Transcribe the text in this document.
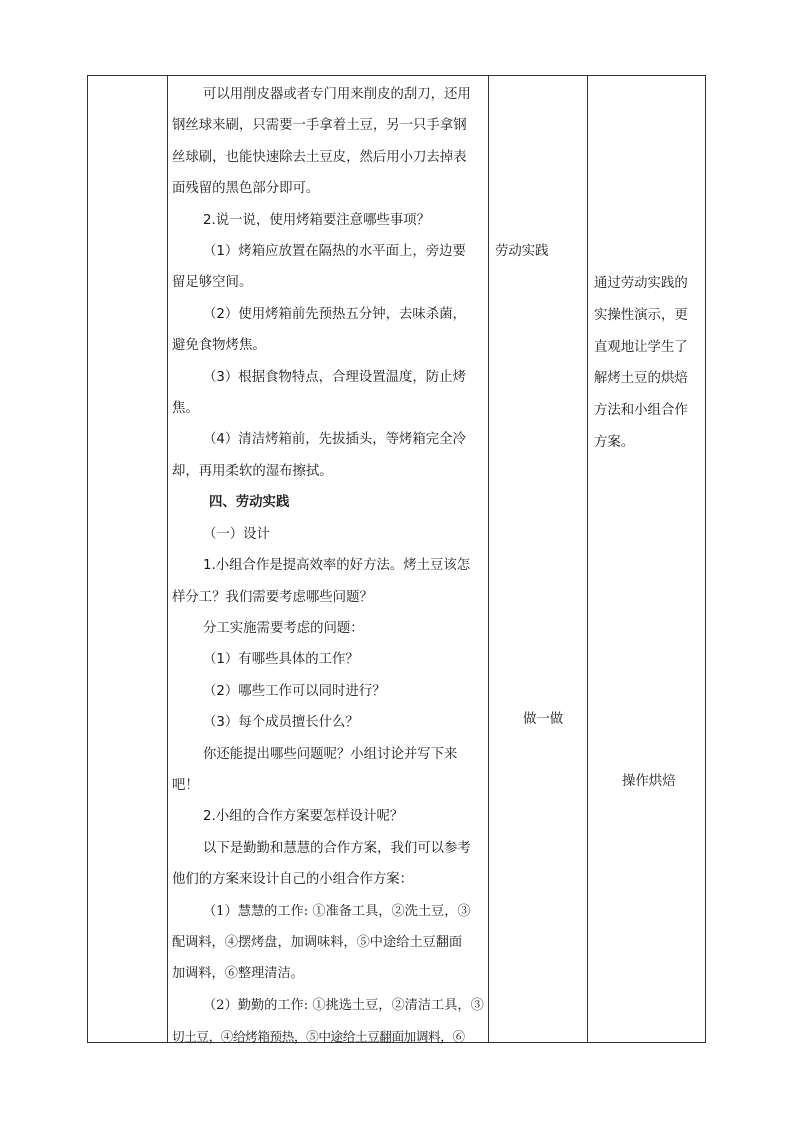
可以用削皮器或者专门用来削皮的刮刀，还用

钢丝球来刷，只需要一手拿着土豆，另一只手拿钢

丝球刷，也能快速除去土豆皮，然后用小刀去掉表

面残留的黑色部分即可。

2.说一说，使用烤箱要注意哪些事项？

（1）烤箱应放置在隔热的水平面上，旁边要

留足够空间。

（2）使用烤箱前先预热五分钟，去味杀菌，

避免食物烤焦。

（3）根据食物特点，合理设置温度，防止烤

焦。

（4）清洁烤箱前，先拔插头，等烤箱完全冷

却，再用柔软的湿布擦拭。

四、劳动实践

（一）设计

1.小组合作是提高效率的好方法。烤土豆该怎

样分工？我们需要考虑哪些问题？

分工实施需要考虑的问题：

（1）有哪些具体的工作？

（2）哪些工作可以同时进行？

（3）每个成员擅长什么？

你还能提出哪些问题呢？小组讨论并写下来

吧！

2.小组的合作方案要怎样设计呢？

以下是勤勤和慧慧的合作方案，我们可以参考

他们的方案来设计自己的小组合作方案：

（1）慧慧的工作: ①准备工具，②洗土豆，③

配调料，④摆烤盘，加调味料，⑤中途给土豆翻面

加调料，⑥整理清洁。

（2）勤勤的工作: ①挑选土豆，②清洁工具，③

切土豆，④给烤箱预热，⑤中途给土豆翻面加调料，⑥

劳动实践
做一做

通过劳动实践的

实操性演示，更

直观地让学生了

解烤土豆的烘焙

方法和小组合作

方案。

操作烘焙
